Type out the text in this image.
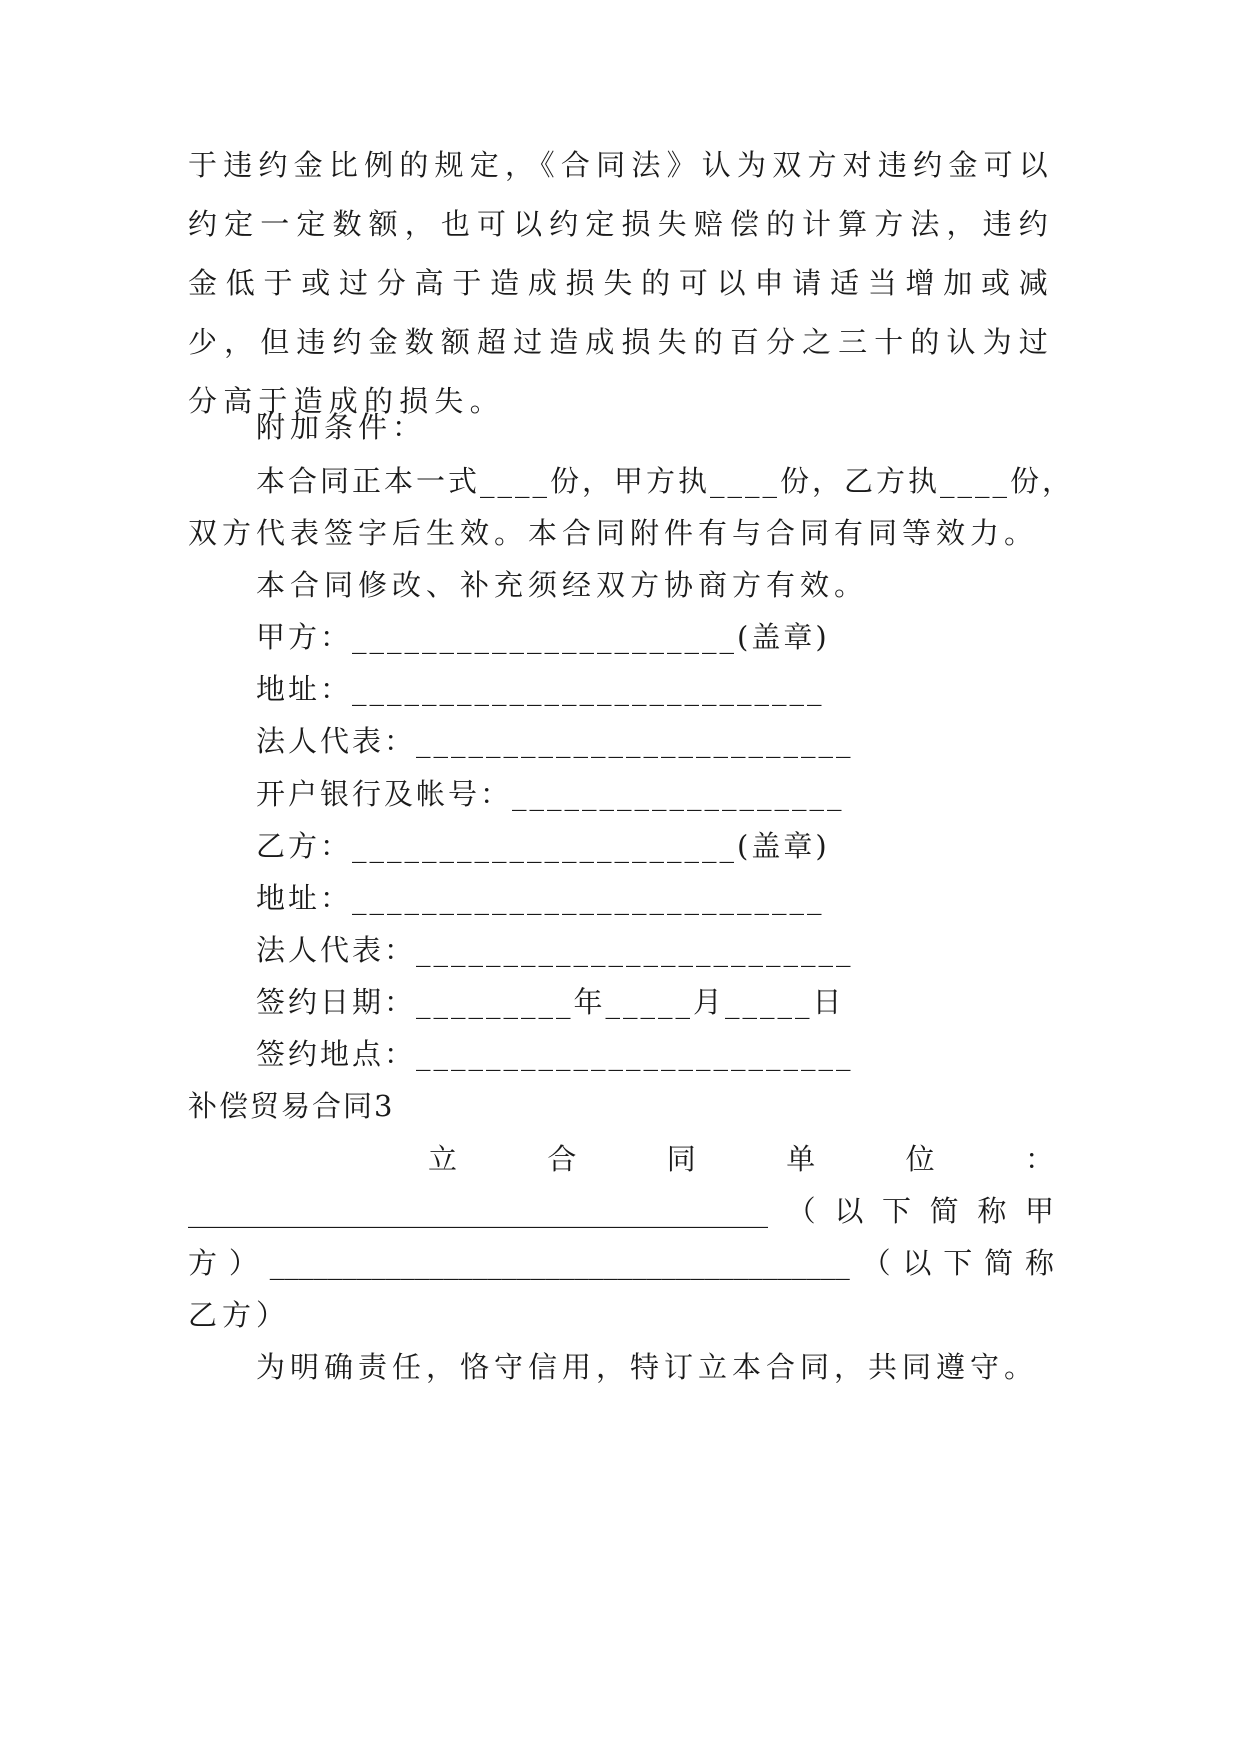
于违约金比例的规定，《合同法》认为双方对违约金可以约定一定数额，也可以约定损失赔偿的计算方法，违约金低于或过分高于造成损失的可以申请适当增加或减少，但违约金数额超过造成损失的百分之三十的认为过分高于造成的损失。

附加条件：
本合同正本一式____份，甲方执____份，乙方执____份，
双方代表签字后生效。本合同附件有与合同有同等效力。
本合同修改、补充须经双方协商方有效。
甲方：______________________(盖章)
地址：___________________________
法人代表：_________________________
开户银行及帐号：___________________
乙方：______________________(盖章)
地址：___________________________
法人代表：_________________________
签约日期：_________年_____月_____日
签约地点：_________________________
补偿贸易合同3
立 合 同 单 位 ：
________________________________________（以下简称甲
方）________________________________________（以下简称
乙方）
为明确责任，恪守信用，特订立本合同，共同遵守。
